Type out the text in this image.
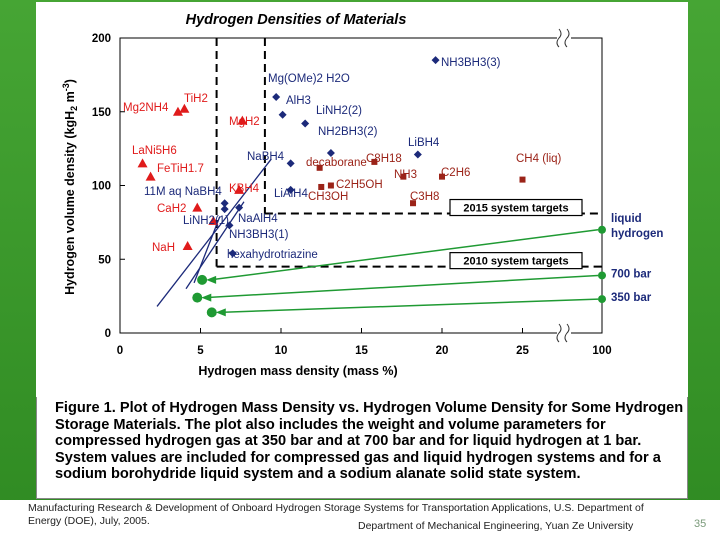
Hydrogen Densities of Materials
0	5	10	15	20	25	100
0
50
100
150
200
2015 system targets
2010 system targets
NH3BH3(3)
Mg(OMe)2 H2O
AlH3
LiNH2(2)
NH2BH3(2)
LiBH4
NaBH4
LiAlH4
NaAlH4
NH3BH3(1)
hexahydrotriazine
LiNH2(1)
11M aq NaBH4
Mg2NH4
TiH2
MgH2
LaNi5H6
FeTiH1.7
KBH4
CaH2
NaH
C8H18
decaborane
NH3 C2H6
C2H5OH
CH3OH	C3H8
CH4 (liq)
liquid
hydrogen
700 bar
350 bar
Hydrogen mass density (mass %)
Hydrogen volume density (kgH$_2$ $m^{-3}$)
Figure 1. Plot of Hydrogen Mass Density vs. Hydrogen Volume Density for Some Hydrogen Storage Materials. The plot also includes the weight and volume parameters for compressed hydrogen gas at 350 bar and at 700 bar and for liquid hydrogen at 1 bar. System values are included for compressed gas and liquid hydrogen systems and for a sodium borohydride liquid system and a sodium alanate solid state system.
Manufacturing Research & Development of Onboard Hydrogen Storage Systems for Transportation Applications, U.S. Department of Energy (DOE), July, 2005.	Department of Mechanical Engineering, Yuan Ze University	35
